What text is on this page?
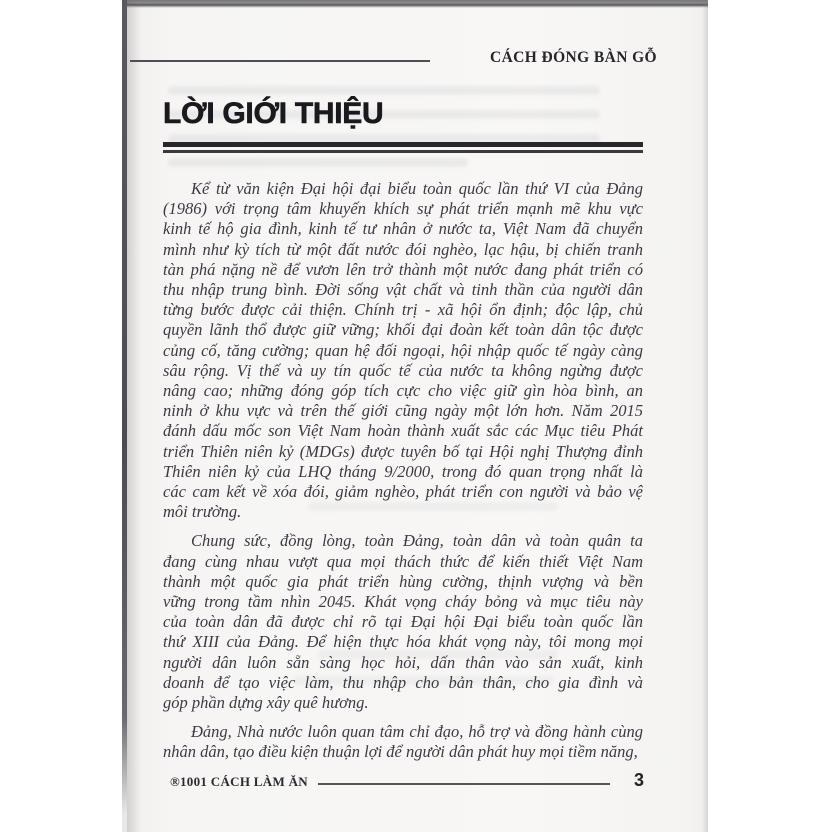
CÁCH ĐÓNG BÀN GỖ
LỜI GIỚI THIỆU
Kể từ văn kiện Đại hội đại biểu toàn quốc lần thứ VI của Đảng
(1986) với trọng tâm khuyến khích sự phát triển mạnh mẽ khu vực
kinh tế hộ gia đình, kinh tế tư nhân ở nước ta, Việt Nam đã chuyển
mình như kỳ tích từ một đất nước đói nghèo, lạc hậu, bị chiến tranh
tàn phá nặng nề để vươn lên trở thành một nước đang phát triển có
thu nhập trung bình. Đời sống vật chất và tinh thần của người dân
từng bước được cải thiện. Chính trị - xã hội ổn định; độc lập, chủ
quyền lãnh thổ được giữ vững; khối đại đoàn kết toàn dân tộc được
củng cố, tăng cường; quan hệ đối ngoại, hội nhập quốc tế ngày càng
sâu rộng. Vị thế và uy tín quốc tế của nước ta không ngừng được
nâng cao; những đóng góp tích cực cho việc giữ gìn hòa bình, an
ninh ở khu vực và trên thế giới cũng ngày một lớn hơn. Năm 2015
đánh dấu mốc son Việt Nam hoàn thành xuất sắc các Mục tiêu Phát
triển Thiên niên kỷ (MDGs) được tuyên bố tại Hội nghị Thượng đỉnh
Thiên niên kỷ của LHQ tháng 9/2000, trong đó quan trọng nhất là
các cam kết về xóa đói, giảm nghèo, phát triển con người và bảo vệ
môi trường.
Chung sức, đồng lòng, toàn Đảng, toàn dân và toàn quân ta
đang cùng nhau vượt qua mọi thách thức để kiến thiết Việt Nam
thành một quốc gia phát triển hùng cường, thịnh vượng và bền
vững trong tầm nhìn 2045. Khát vọng cháy bỏng và mục tiêu này
của toàn dân đã được chỉ rõ tại Đại hội Đại biểu toàn quốc lần
thứ XIII của Đảng. Để hiện thực hóa khát vọng này, tôi mong mọi
người dân luôn sẵn sàng học hỏi, dấn thân vào sản xuất, kinh
doanh để tạo việc làm, thu nhập cho bản thân, cho gia đình và
góp phần dựng xây quê hương.
Đảng, Nhà nước luôn quan tâm chỉ đạo, hỗ trợ và đồng hành cùng
nhân dân, tạo điều kiện thuận lợi để người dân phát huy mọi tiềm năng,
®1001 CÁCH LÀM ĂN	3
